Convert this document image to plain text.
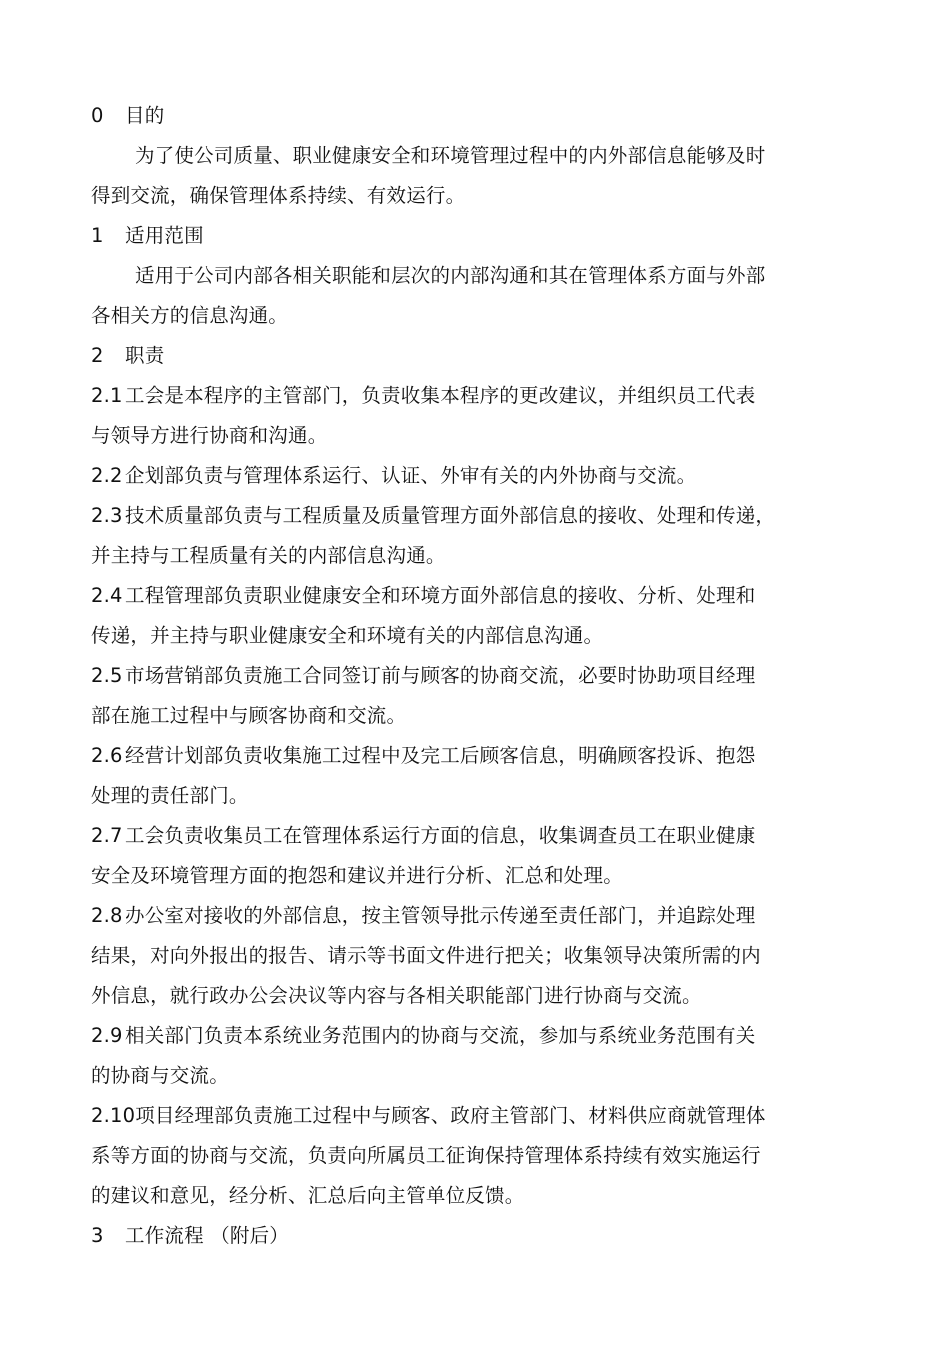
0 目的
为了使公司质量、职业健康安全和环境管理过程中的内外部信息能够及时
得到交流，确保管理体系持续、有效运行。
1 适用范围
适用于公司内部各相关职能和层次的内部沟通和其在管理体系方面与外部
各相关方的信息沟通。
2 职责
2.1 工会是本程序的主管部门，负责收集本程序的更改建议，并组织员工代表
与领导方进行协商和沟通。
2.2 企划部负责与管理体系运行、认证、外审有关的内外协商与交流。
2.3 技术质量部负责与工程质量及质量管理方面外部信息的接收、处理和传递，
并主持与工程质量有关的内部信息沟通。
2.4 工程管理部负责职业健康安全和环境方面外部信息的接收、分析、处理和
传递，并主持与职业健康安全和环境有关的内部信息沟通。
2.5 市场营销部负责施工合同签订前与顾客的协商交流，必要时协助项目经理
部在施工过程中与顾客协商和交流。
2.6 经营计划部负责收集施工过程中及完工后顾客信息，明确顾客投诉、抱怨
处理的责任部门。
2.7 工会负责收集员工在管理体系运行方面的信息，收集调查员工在职业健康
安全及环境管理方面的抱怨和建议并进行分析、汇总和处理。
2.8 办公室对接收的外部信息，按主管领导批示传递至责任部门，并追踪处理
结果，对向外报出的报告、请示等书面文件进行把关；收集领导决策所需的内
外信息，就行政办公会决议等内容与各相关职能部门进行协商与交流。
2.9 相关部门负责本系统业务范围内的协商与交流，参加与系统业务范围有关
的协商与交流。
2.10项目经理部负责施工过程中与顾客、政府主管部门、材料供应商就管理体
系等方面的协商与交流，负责向所属员工征询保持管理体系持续有效实施运行
的建议和意见，经分析、汇总后向主管单位反馈。
3 工作流程 （附后）
